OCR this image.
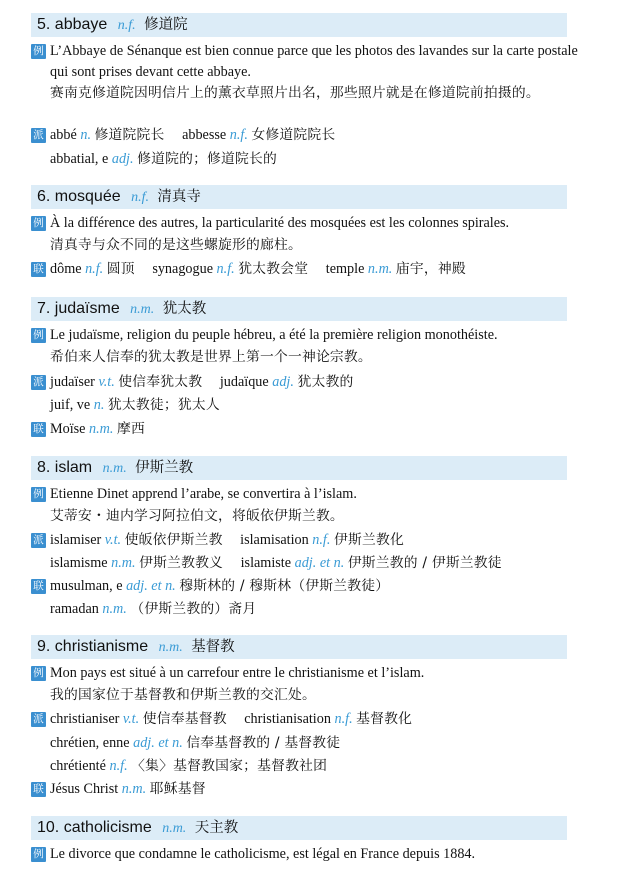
5. abbaye n.f. 修道院
例 L’Abbaye de Sénanque est bien connue parce que les photos des lavandes sur la carte postale qui sont prises devant cette abbaye.
赛南克修道院因明信片上的薰衣草照片出名，那些照片就是在修道院前拍摄的。
派 abbé n. 修道院院长 abbesse n.f. 女修道院院长
abbatial, e adj. 修道院的；修道院长的
6. mosquée n.f. 清真寺
例 À la différence des autres, la particularité des mosquées est les colonnes spirales.
清真寺与众不同的是这些螺旋形的廊柱。
联 dôme n.f. 圆顶 synagogue n.f. 犹太教会堂 temple n.m. 庙宇，神殿
7. judaïsme n.m. 犹太教
例 Le judaïsme, religion du peuple hébreu, a été la première religion monothéiste.
希伯来人信奉的犹太教是世界上第一个一神论宗教。
派 judaïser v.t. 使信奉犹太教 judaïque adj. 犹太教的
juif, ve n. 犹太教徒；犹太人
联 Moïse n.m. 摩西
8. islam n.m. 伊斯兰教
例 Etienne Dinet apprend l’arabe, se convertira à l’islam.
艾蒂安・迪内学习阿拉伯文，将皈依伊斯兰教。
派 islamiser v.t. 使皈依伊斯兰教 islamisation n.f. 伊斯兰教化
islamisme n.m. 伊斯兰教教义 islamiste adj. et n. 伊斯兰教的 / 伊斯兰教徒
联 musulman, e adj. et n. 穆斯林的 / 穆斯林（伊斯兰教徒）
ramadan n.m. （伊斯兰教的）斋月
9. christianisme n.m. 基督教
例 Mon pays est situé à un carrefour entre le christianisme et l’islam.
我的国家位于基督教和伊斯兰教的交汇处。
派 christianiser v.t. 使信奉基督教 christianisation n.f. 基督教化
chrétien, enne adj. et n. 信奉基督教的 / 基督教徒
chrétienté n.f. 〈集〉基督教国家；基督教社团
联 Jésus Christ n.m. 耶稣基督
10. catholicisme n.m. 天主教
例 Le divorce que condamne le catholicisme, est légal en France depuis 1884.
